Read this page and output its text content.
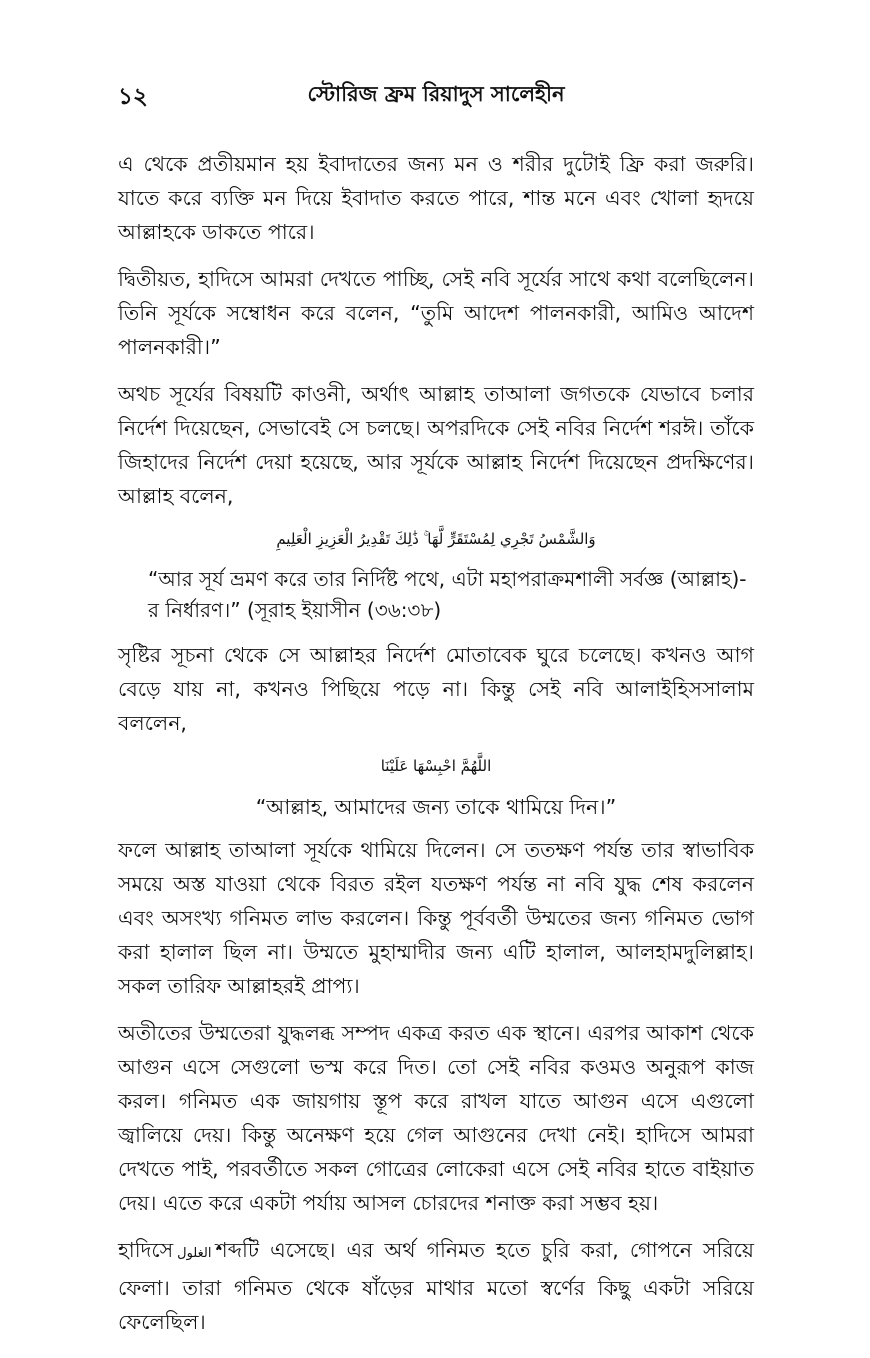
১২	স্টোরিজ ফ্রম রিয়াদুস সালেহীন

এ থেকে প্রতীয়মান হয় ইবাদাতের জন্য মন ও শরীর দুটোই ফ্রি করা জরুরি। যাতে করে ব্যক্তি মন দিয়ে ইবাদাত করতে পারে, শান্ত মনে এবং খোলা হৃদয়ে আল্লাহকে ডাকতে পারে।

দ্বিতীয়ত, হাদিসে আমরা দেখতে পাচ্ছি, সেই নবি সূর্যের সাথে কথা বলেছিলেন। তিনি সূর্যকে সম্বোধন করে বলেন, “তুমি আদেশ পালনকারী, আমিও আদেশ পালনকারী।”

অথচ সূর্যের বিষয়টি কাওনী, অর্থাৎ আল্লাহ তাআলা জগতকে যেভাবে চলার নির্দেশ দিয়েছেন, সেভাবেই সে চলছে। অপরদিকে সেই নবির নির্দেশ শরঈ। তাঁকে জিহাদের নির্দেশ দেয়া হয়েছে, আর সূর্যকে আল্লাহ নির্দেশ দিয়েছেন প্রদক্ষিণের। আল্লাহ বলেন,

وَالشَّمْسُ تَجْرِي لِمُسْتَقَرٍّ لَّهَا ۚ ذَٰلِكَ تَقْدِيرُ الْعَزِيزِ الْعَلِيمِ

“আর সূর্য ভ্রমণ করে তার নির্দিষ্ট পথে, এটা মহাপরাক্রমশালী সর্বজ্ঞ (আল্লাহ)-র নির্ধারণ।” (সূরাহ ইয়াসীন (৩৬:৩৮)

সৃষ্টির সূচনা থেকে সে আল্লাহর নির্দেশ মোতাবেক ঘুরে চলেছে। কখনও আগ বেড়ে যায় না, কখনও পিছিয়ে পড়ে না। কিন্তু সেই নবি আলাইহিসসালাম বললেন,

اللَّهُمَّ احْبِسْهَا عَلَيْنَا

“আল্লাহ, আমাদের জন্য তাকে থামিয়ে দিন।”

ফলে আল্লাহ তাআলা সূর্যকে থামিয়ে দিলেন। সে ততক্ষণ পর্যন্ত তার স্বাভাবিক সময়ে অস্ত যাওয়া থেকে বিরত রইল যতক্ষণ পর্যন্ত না নবি যুদ্ধ শেষ করলেন এবং অসংখ্য গনিমত লাভ করলেন। কিন্তু পূর্ববর্তী উম্মতের জন্য গনিমত ভোগ করা হালাল ছিল না। উম্মতে মুহাম্মাদীর জন্য এটি হালাল, আলহামদুলিল্লাহ। সকল তারিফ আল্লাহরই প্রাপ্য।

অতীতের উম্মতেরা যুদ্ধলব্ধ সম্পদ একত্র করত এক স্থানে। এরপর আকাশ থেকে আগুন এসে সেগুলো ভস্ম করে দিত। তো সেই নবির কওমও অনুরূপ কাজ করল। গনিমত এক জায়গায় স্তূপ করে রাখল যাতে আগুন এসে এগুলো জ্বালিয়ে দেয়। কিন্তু অনেক্ষণ হয়ে গেল আগুনের দেখা নেই। হাদিসে আমরা দেখতে পাই, পরবর্তীতে সকল গোত্রের লোকেরা এসে সেই নবির হাতে বাইয়াত দেয়। এতে করে একটা পর্যায় আসল চোরদের শনাক্ত করা সম্ভব হয়।

হাদিসে الغلول শব্দটি এসেছে। এর অর্থ গনিমত হতে চুরি করা, গোপনে সরিয়ে ফেলা। তারা গনিমত থেকে ষাঁড়ের মাথার মতো স্বর্ণের কিছু একটা সরিয়ে ফেলেছিল।
